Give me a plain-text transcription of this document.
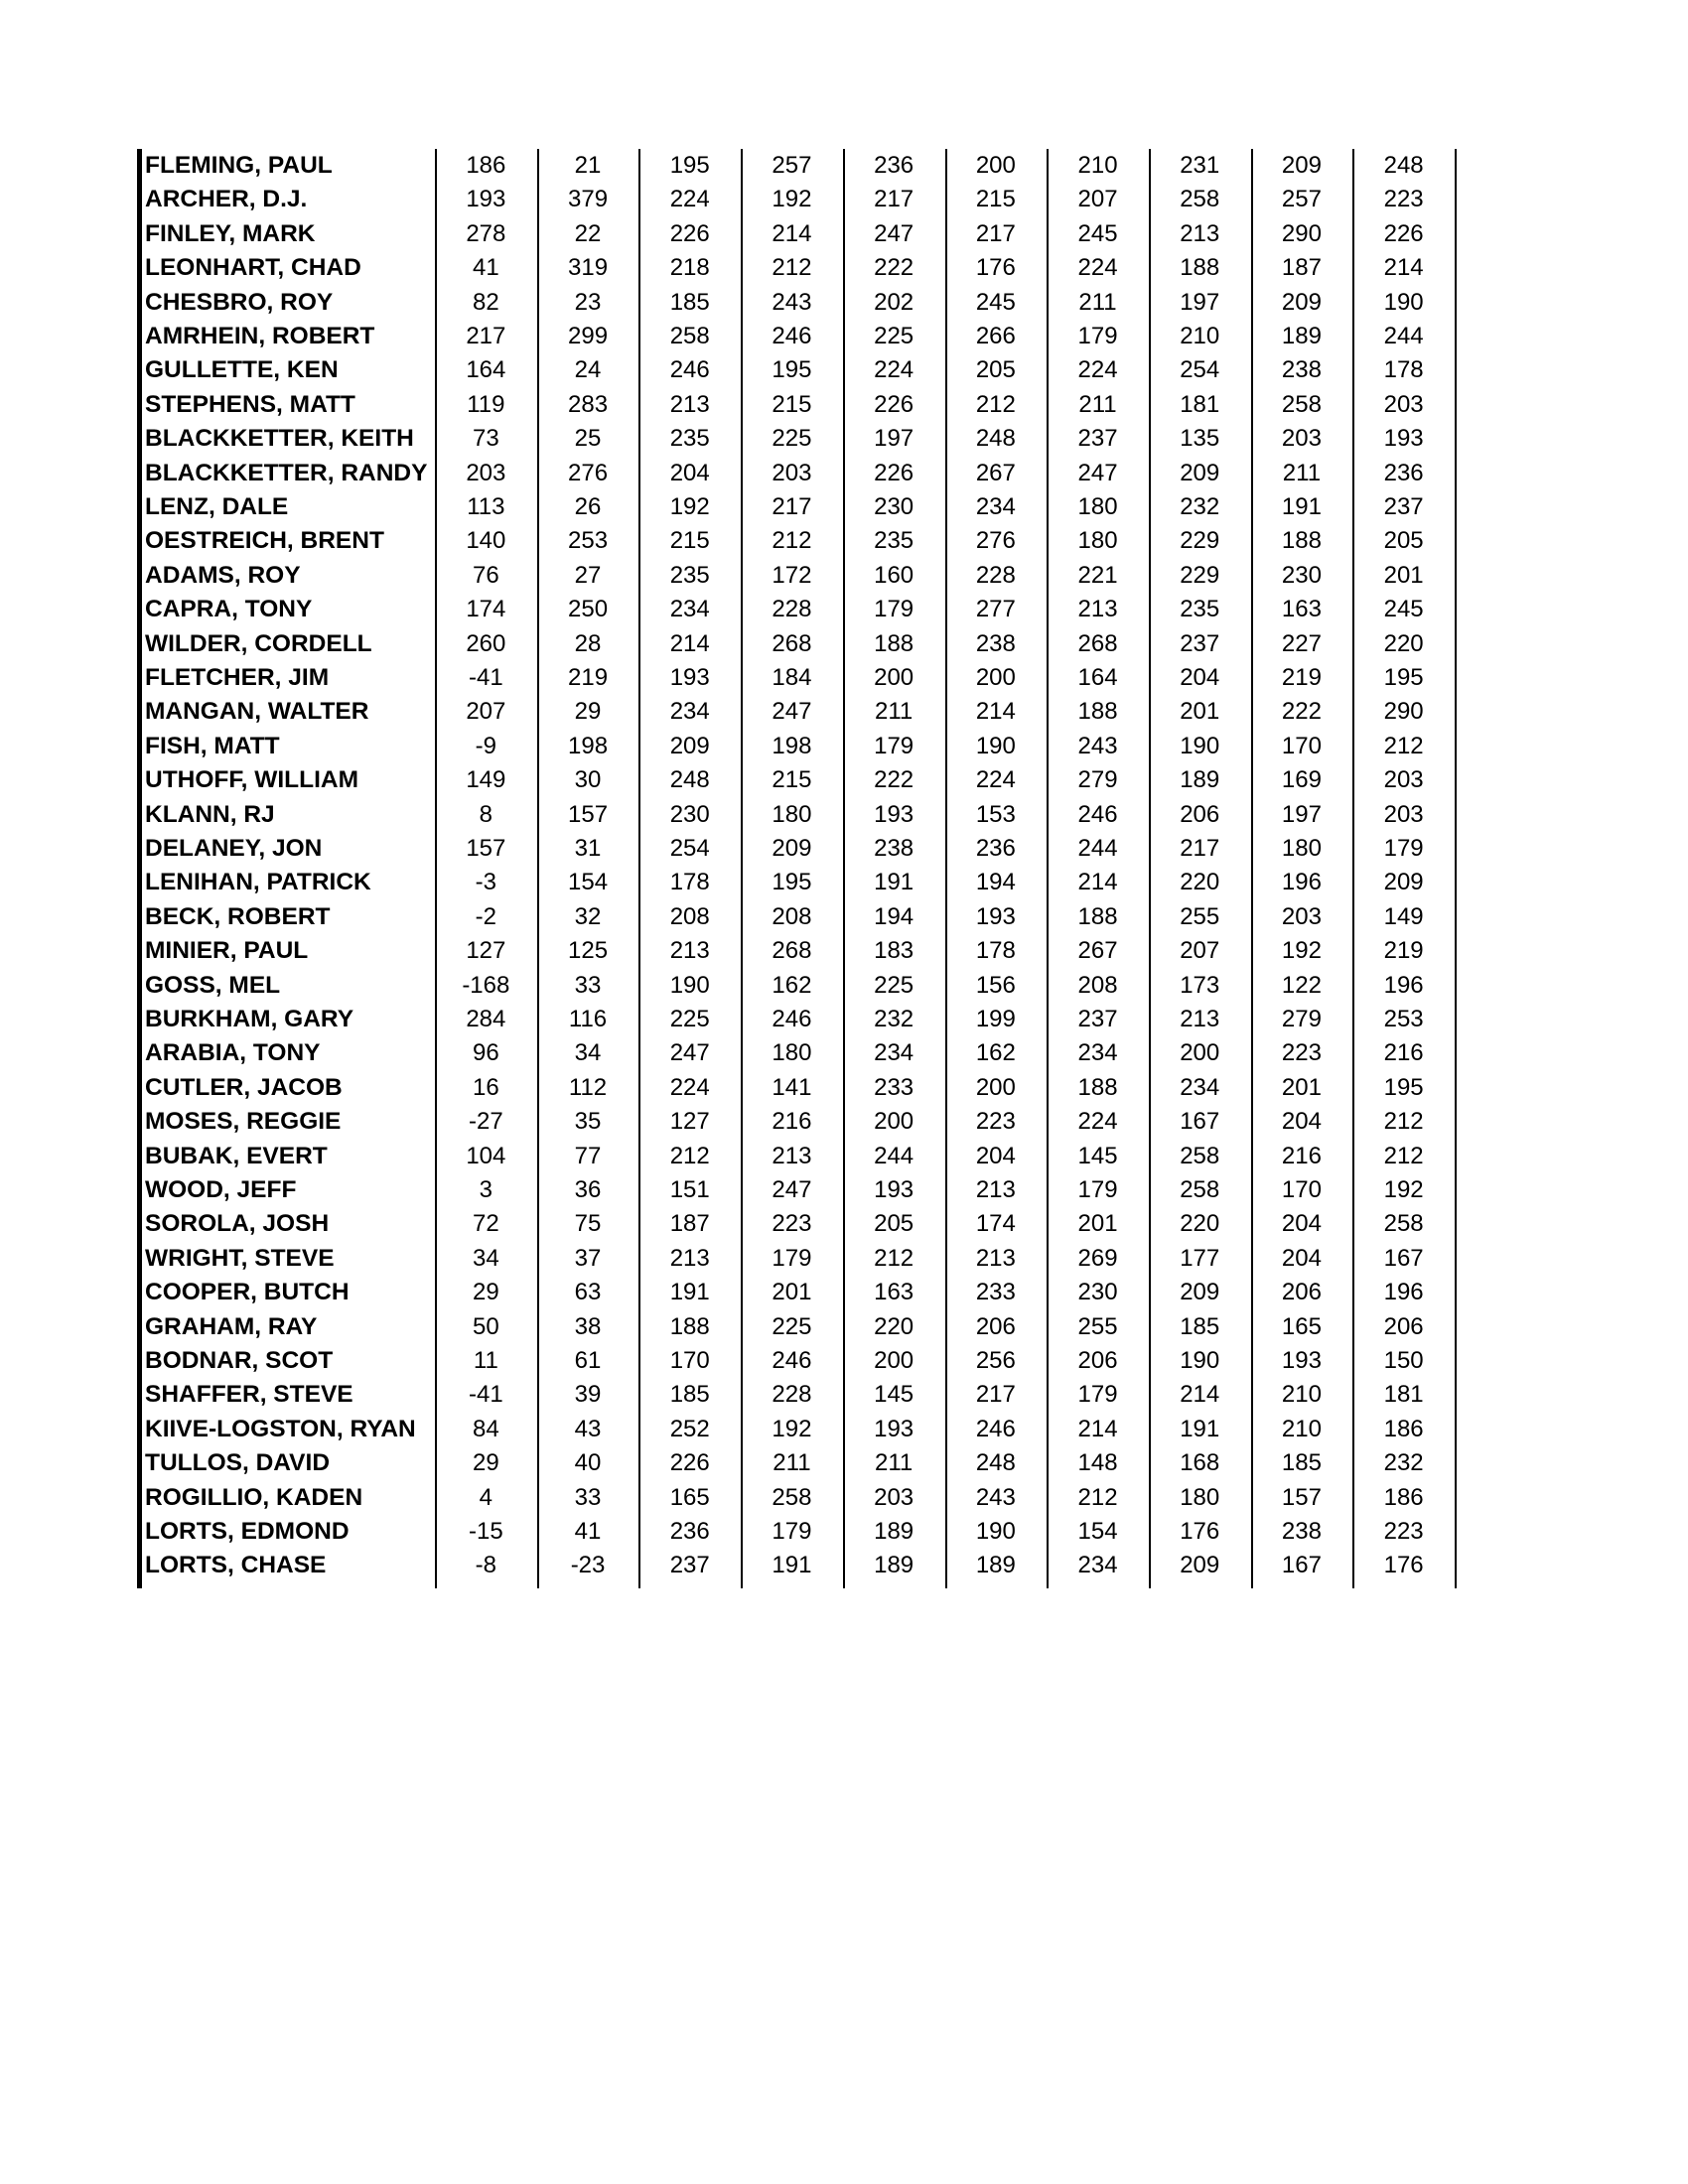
FLEMING, PAUL	186	21	195	257	236	200	210	231	209	248
ARCHER, D.J.	193	379	224	192	217	215	207	258	257	223
FINLEY, MARK	278	22	226	214	247	217	245	213	290	226
LEONHART, CHAD	41	319	218	212	222	176	224	188	187	214
CHESBRO, ROY	82	23	185	243	202	245	211	197	209	190
AMRHEIN, ROBERT	217	299	258	246	225	266	179	210	189	244
GULLETTE, KEN	164	24	246	195	224	205	224	254	238	178
STEPHENS, MATT	119	283	213	215	226	212	211	181	258	203
BLACKKETTER, KEITH	73	25	235	225	197	248	237	135	203	193
BLACKKETTER, RANDY	203	276	204	203	226	267	247	209	211	236
LENZ, DALE	113	26	192	217	230	234	180	232	191	237
OESTREICH, BRENT	140	253	215	212	235	276	180	229	188	205
ADAMS, ROY	76	27	235	172	160	228	221	229	230	201
CAPRA, TONY	174	250	234	228	179	277	213	235	163	245
WILDER, CORDELL	260	28	214	268	188	238	268	237	227	220
FLETCHER, JIM	-41	219	193	184	200	200	164	204	219	195
MANGAN, WALTER	207	29	234	247	211	214	188	201	222	290
FISH, MATT	-9	198	209	198	179	190	243	190	170	212
UTHOFF, WILLIAM	149	30	248	215	222	224	279	189	169	203
KLANN, RJ	8	157	230	180	193	153	246	206	197	203
DELANEY, JON	157	31	254	209	238	236	244	217	180	179
LENIHAN, PATRICK	-3	154	178	195	191	194	214	220	196	209
BECK, ROBERT	-2	32	208	208	194	193	188	255	203	149
MINIER, PAUL	127	125	213	268	183	178	267	207	192	219
GOSS, MEL	-168	33	190	162	225	156	208	173	122	196
BURKHAM, GARY	284	116	225	246	232	199	237	213	279	253
ARABIA, TONY	96	34	247	180	234	162	234	200	223	216
CUTLER, JACOB	16	112	224	141	233	200	188	234	201	195
MOSES, REGGIE	-27	35	127	216	200	223	224	167	204	212
BUBAK, EVERT	104	77	212	213	244	204	145	258	216	212
WOOD, JEFF	3	36	151	247	193	213	179	258	170	192
SOROLA, JOSH	72	75	187	223	205	174	201	220	204	258
WRIGHT, STEVE	34	37	213	179	212	213	269	177	204	167
COOPER, BUTCH	29	63	191	201	163	233	230	209	206	196
GRAHAM, RAY	50	38	188	225	220	206	255	185	165	206
BODNAR, SCOT	11	61	170	246	200	256	206	190	193	150
SHAFFER, STEVE	-41	39	185	228	145	217	179	214	210	181
KIIVE-LOGSTON, RYAN	84	43	252	192	193	246	214	191	210	186
TULLOS, DAVID	29	40	226	211	211	248	148	168	185	232
ROGILLIO, KADEN	4	33	165	258	203	243	212	180	157	186
LORTS, EDMOND	-15	41	236	179	189	190	154	176	238	223
LORTS, CHASE	-8	-23	237	191	189	189	234	209	167	176
